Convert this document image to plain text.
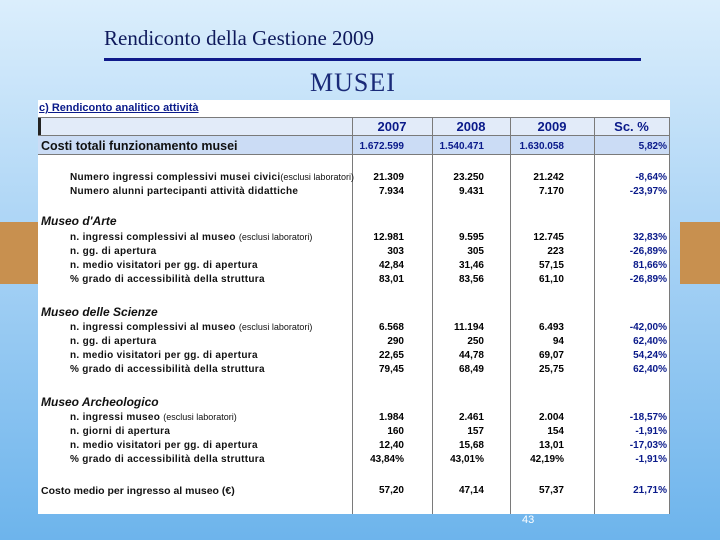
Rendiconto della Gestione 2009
MUSEI
c) Rendiconto analitico attività
2007	2008	2009	Sc. %
Costi totali funzionamento musei	1.672.599	1.540.471	1.630.058	5,82%
Numero ingressi complessivi musei civici(esclusi laboratori)	21.309	23.250	21.242	-8,64%
Numero alunni partecipanti attività didattiche	7.934	9.431	7.170	-23,97%
Museo d'Arte
n. ingressi complessivi al museo (esclusi laboratori)	12.981	9.595	12.745	32,83%
n. gg. di apertura	303	305	223	-26,89%
n. medio visitatori per gg. di apertura	42,84	31,46	57,15	81,66%
% grado di accessibilità della struttura	83,01	83,56	61,10	-26,89%
Museo delle Scienze
n. ingressi complessivi al museo (esclusi laboratori)	6.568	11.194	6.493	-42,00%
n. gg. di apertura	290	250	94	62,40%
n. medio visitatori per gg. di apertura	22,65	44,78	69,07	54,24%
% grado di accessibilità della struttura	79,45	68,49	25,75	62,40%
Museo Archeologico
n. ingressi museo (esclusi laboratori)	1.984	2.461	2.004	-18,57%
n. giorni di apertura	160	157	154	-1,91%
n. medio visitatori per gg. di apertura	12,40	15,68	13,01	-17,03%
% grado di accessibilità della struttura	43,84%	43,01%	42,19%	-1,91%
Costo medio per ingresso al museo (€)	57,20	47,14	57,37	21,71%
43
